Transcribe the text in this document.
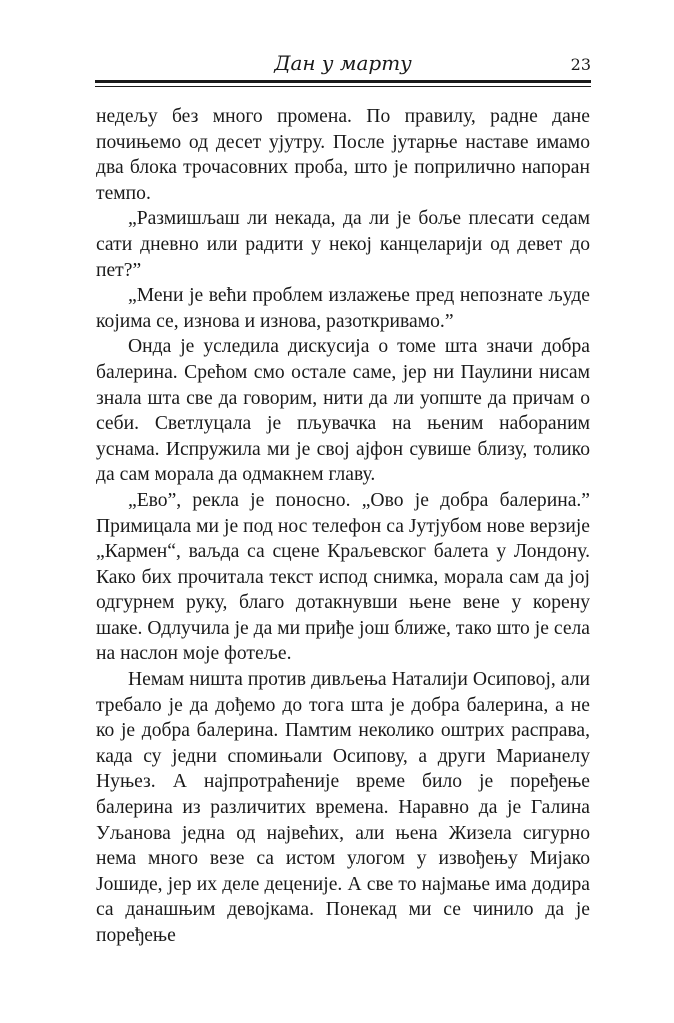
Дан у марту	23

недељу без много промена. По правилу, радне дане почињемо од десет ујутру. После јутарње наставе имамо два блока трочасовних проба, што је поприлично напоран темпо.

„Размишљаш ли некада, да ли је боље плесати седам сати дневно или радити у некој канцеларији од девет до пет?”

„Мени је већи проблем излажење пред непознате људе којима се, изнова и изнова, разоткривамо.”

Онда је уследила дискусија о томе шта значи добра балерина. Срећом смо остале саме, јер ни Паулини нисам знала шта све да говорим, нити да ли уопште да причам о себи. Светлуцала је пљувачка на њеним набораним уснама. Испружила ми је свој ајфон сувише близу, толико да сам морала да одмакнем главу.

„Ево”, рекла је поносно. „Ово је добра балерина.” Примицала ми је под нос телефон са Јутјубом нове верзије „Кармен“, ваљда са сцене Краљевског балета у Лондону. Како бих прочитала текст испод снимка, морала сам да јој одгурнем руку, благо дотакнувши њене вене у корену шаке. Одлучила је да ми приђе још ближе, тако што је села на наслон моје фотеље.

Немам ништа против дивљења Наталији Осиповој, али требало је да дођемо до тога шта је добра балерина, а не ко је добра балерина. Памтим неколико оштрих расправа, када су једни спомињали Осипову, а други Марианелу Нуњез. А најпротраћеније време било је поређење балерина из различитих времена. Наравно да је Галина Уљанова једна од највећих, али њена Жизела сигурно нема много везе са истом улогом у извођењу Мијако Јошиде, јер их деле деценије. А све то најмање има додира са данашњим девојкама. Понекад ми се чинило да је поређење
